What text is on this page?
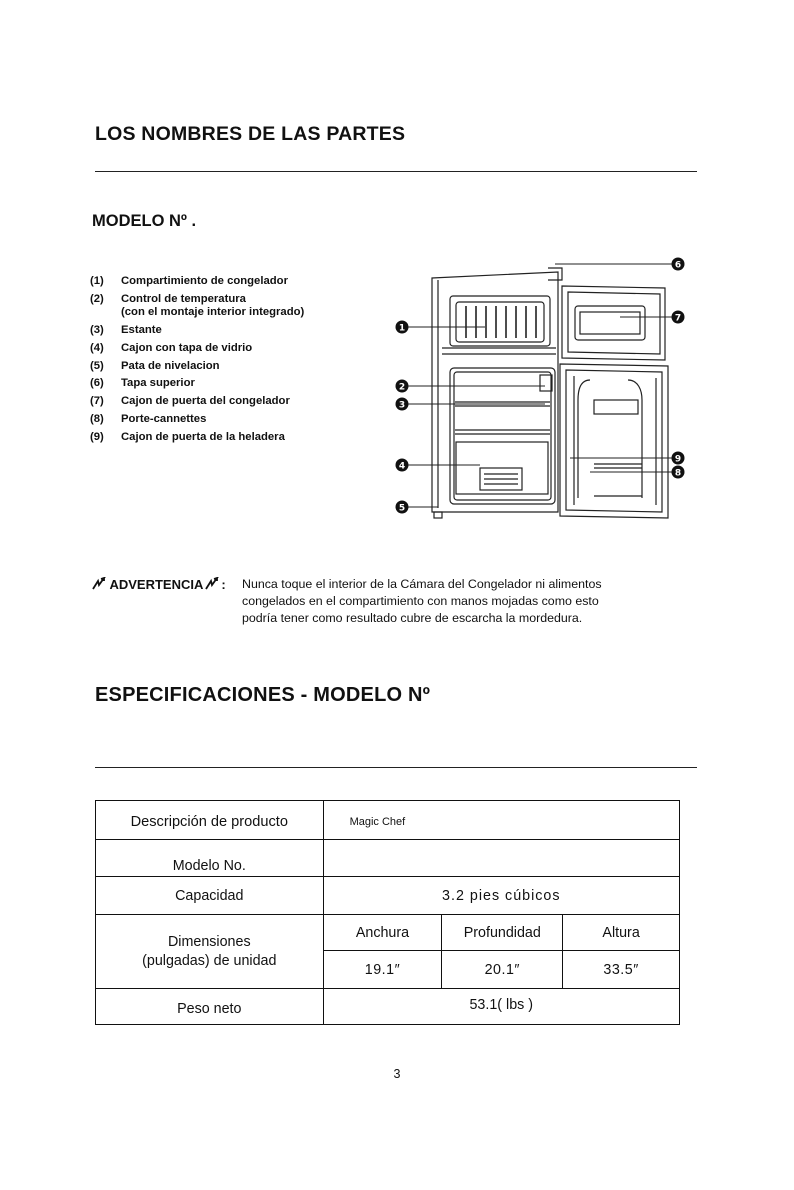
LOS NOMBRES DE LAS PARTES
MODELO Nº .
(1) Compartimiento de congelador
(2) Control de temperatura
(con el montaje interior integrado)
(3) Estante
(4) Cajon con tapa de vidrio
(5) Pata de nivelacion
(6) Tapa superior
(7) Cajon de puerta del congelador
(8) Porte-cannettes
(9) Cajon de puerta de la heladera
1
2
3
4
5
6
7
8
9
ADVERTENCIA : Nunca toque el interior de la Cámara del Congelador ni alimentos
congelados en el compartimiento con manos mojadas como esto
podría tener como resultado cubre de escarcha la mordedura.
ESPECIFICACIONES - MODELO Nº
Descripción de producto	Magic Chef		
Modelo No.			
Capacidad	3.2 pies cúbicos		

Dimensiones
(pulgadas) de unidad	Anchura	Profundidad	Altura
	19.1″	20.1″	33.5″
Peso neto	53.1( lbs )		
3
